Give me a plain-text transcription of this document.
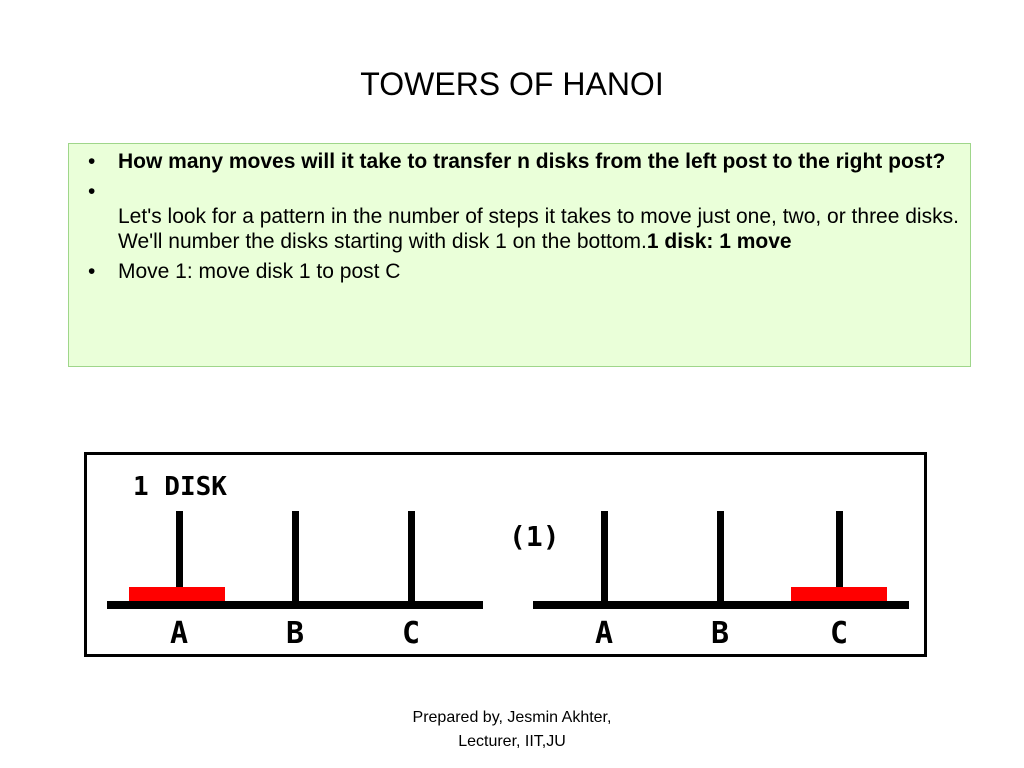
TOWERS OF HANOI
• How many moves will it take to transfer n disks from the left post to the right post?
•

Let's look for a pattern in the number of steps it takes to move just one, two, or three disks. We'll number the disks starting with disk 1 on the bottom.1 disk: 1 move
• Move 1: move disk 1 to post C
1 DISK
(1)
A	B	C	A	B	C
Prepared by, Jesmin Akhter,
Lecturer, IIT,JU
